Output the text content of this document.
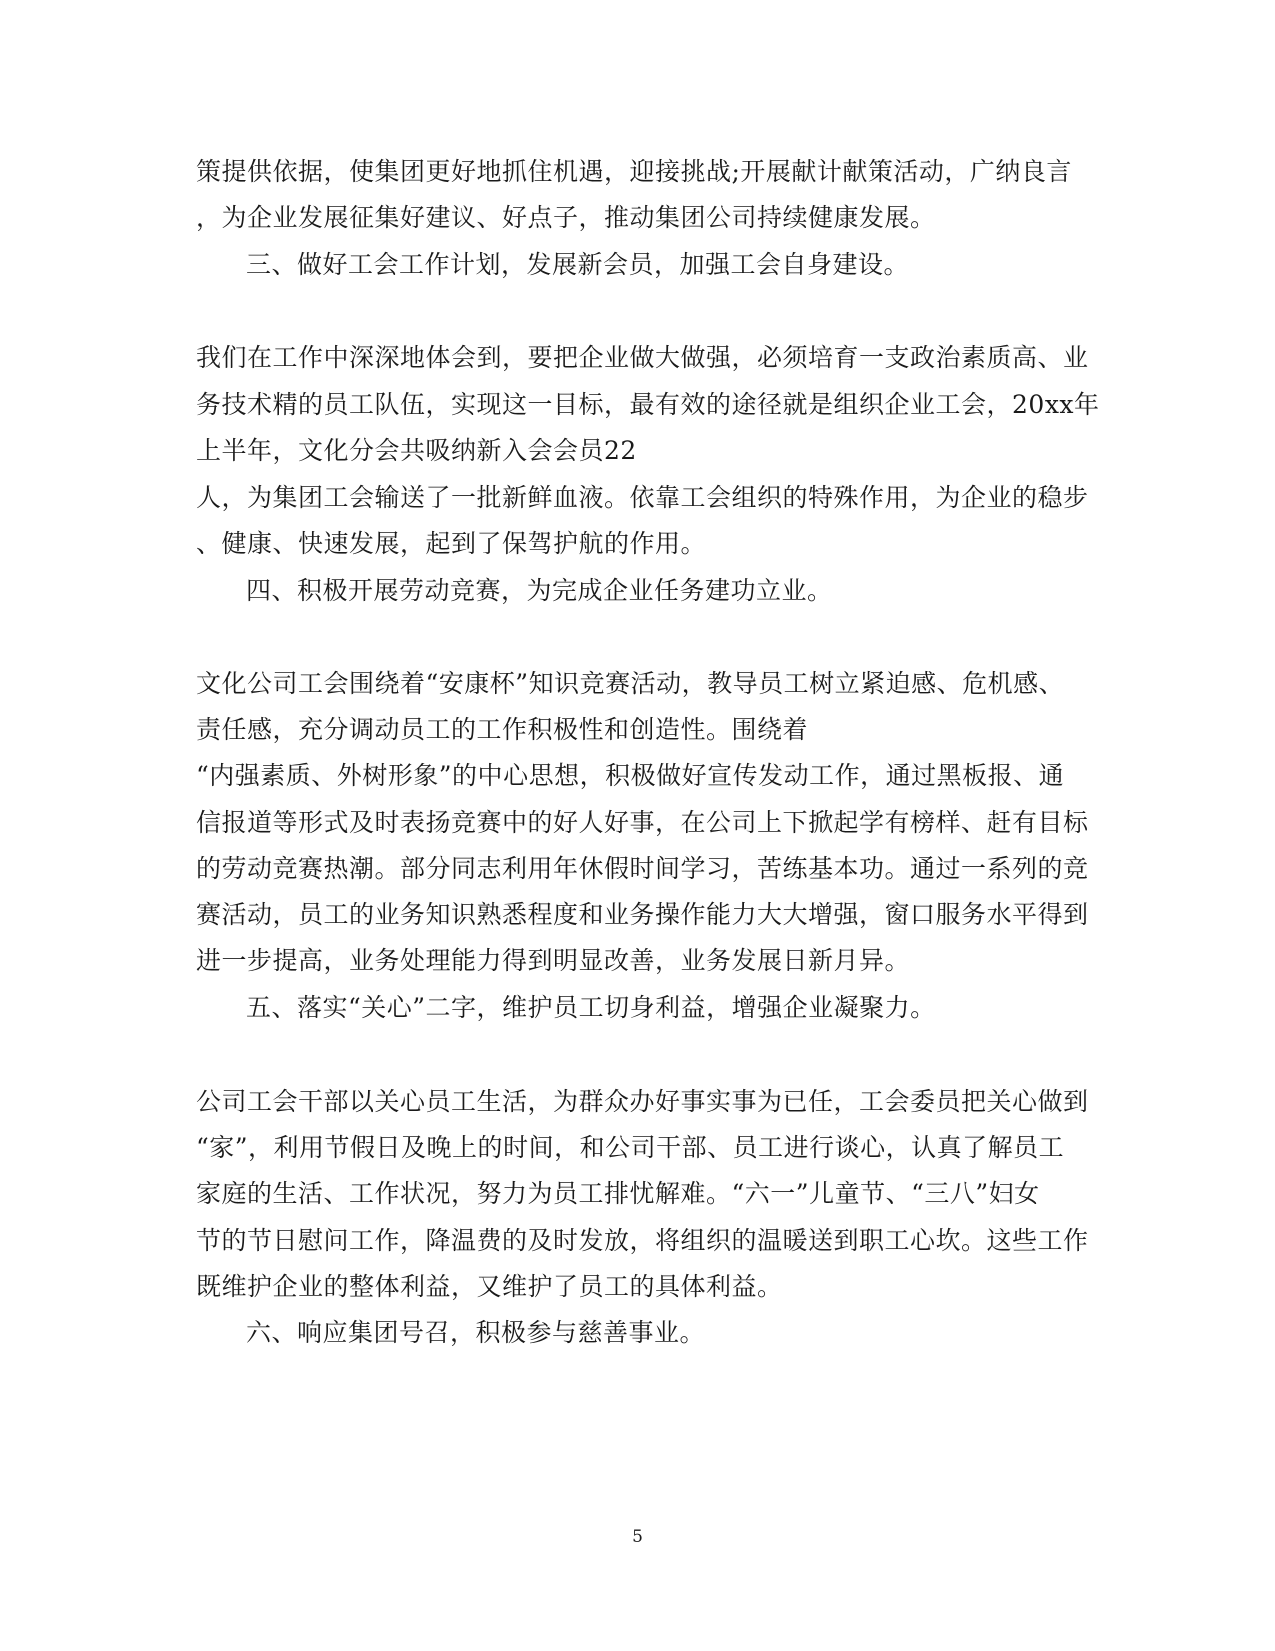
策提供依据，使集团更好地抓住机遇，迎接挑战;开展献计献策活动，广纳良言
，为企业发展征集好建议、好点子，推动集团公司持续健康发展。
三、做好工会工作计划，发展新会员，加强工会自身建设。
我们在工作中深深地体会到，要把企业做大做强，必须培育一支政治素质高、业
务技术精的员工队伍，实现这一目标，最有效的途径就是组织企业工会，20xx年
上半年，文化分会共吸纳新入会会员22
人，为集团工会输送了一批新鲜血液。依靠工会组织的特殊作用，为企业的稳步
、健康、快速发展，起到了保驾护航的作用。
四、积极开展劳动竞赛，为完成企业任务建功立业。
文化公司工会围绕着“安康杯”知识竞赛活动，教导员工树立紧迫感、危机感、
责任感，充分调动员工的工作积极性和创造性。围绕着
“内强素质、外树形象”的中心思想，积极做好宣传发动工作，通过黑板报、通
信报道等形式及时表扬竞赛中的好人好事，在公司上下掀起学有榜样、赶有目标
的劳动竞赛热潮。部分同志利用年休假时间学习，苦练基本功。通过一系列的竞
赛活动，员工的业务知识熟悉程度和业务操作能力大大增强，窗口服务水平得到
进一步提高，业务处理能力得到明显改善，业务发展日新月异。
五、落实“关心”二字，维护员工切身利益，增强企业凝聚力。
公司工会干部以关心员工生活，为群众办好事实事为已任，工会委员把关心做到
“家”，利用节假日及晚上的时间，和公司干部、员工进行谈心，认真了解员工
家庭的生活、工作状况，努力为员工排忧解难。“六一”儿童节、“三八”妇女
节的节日慰问工作，降温费的及时发放，将组织的温暖送到职工心坎。这些工作
既维护企业的整体利益，又维护了员工的具体利益。
六、响应集团号召，积极参与慈善事业。
5
